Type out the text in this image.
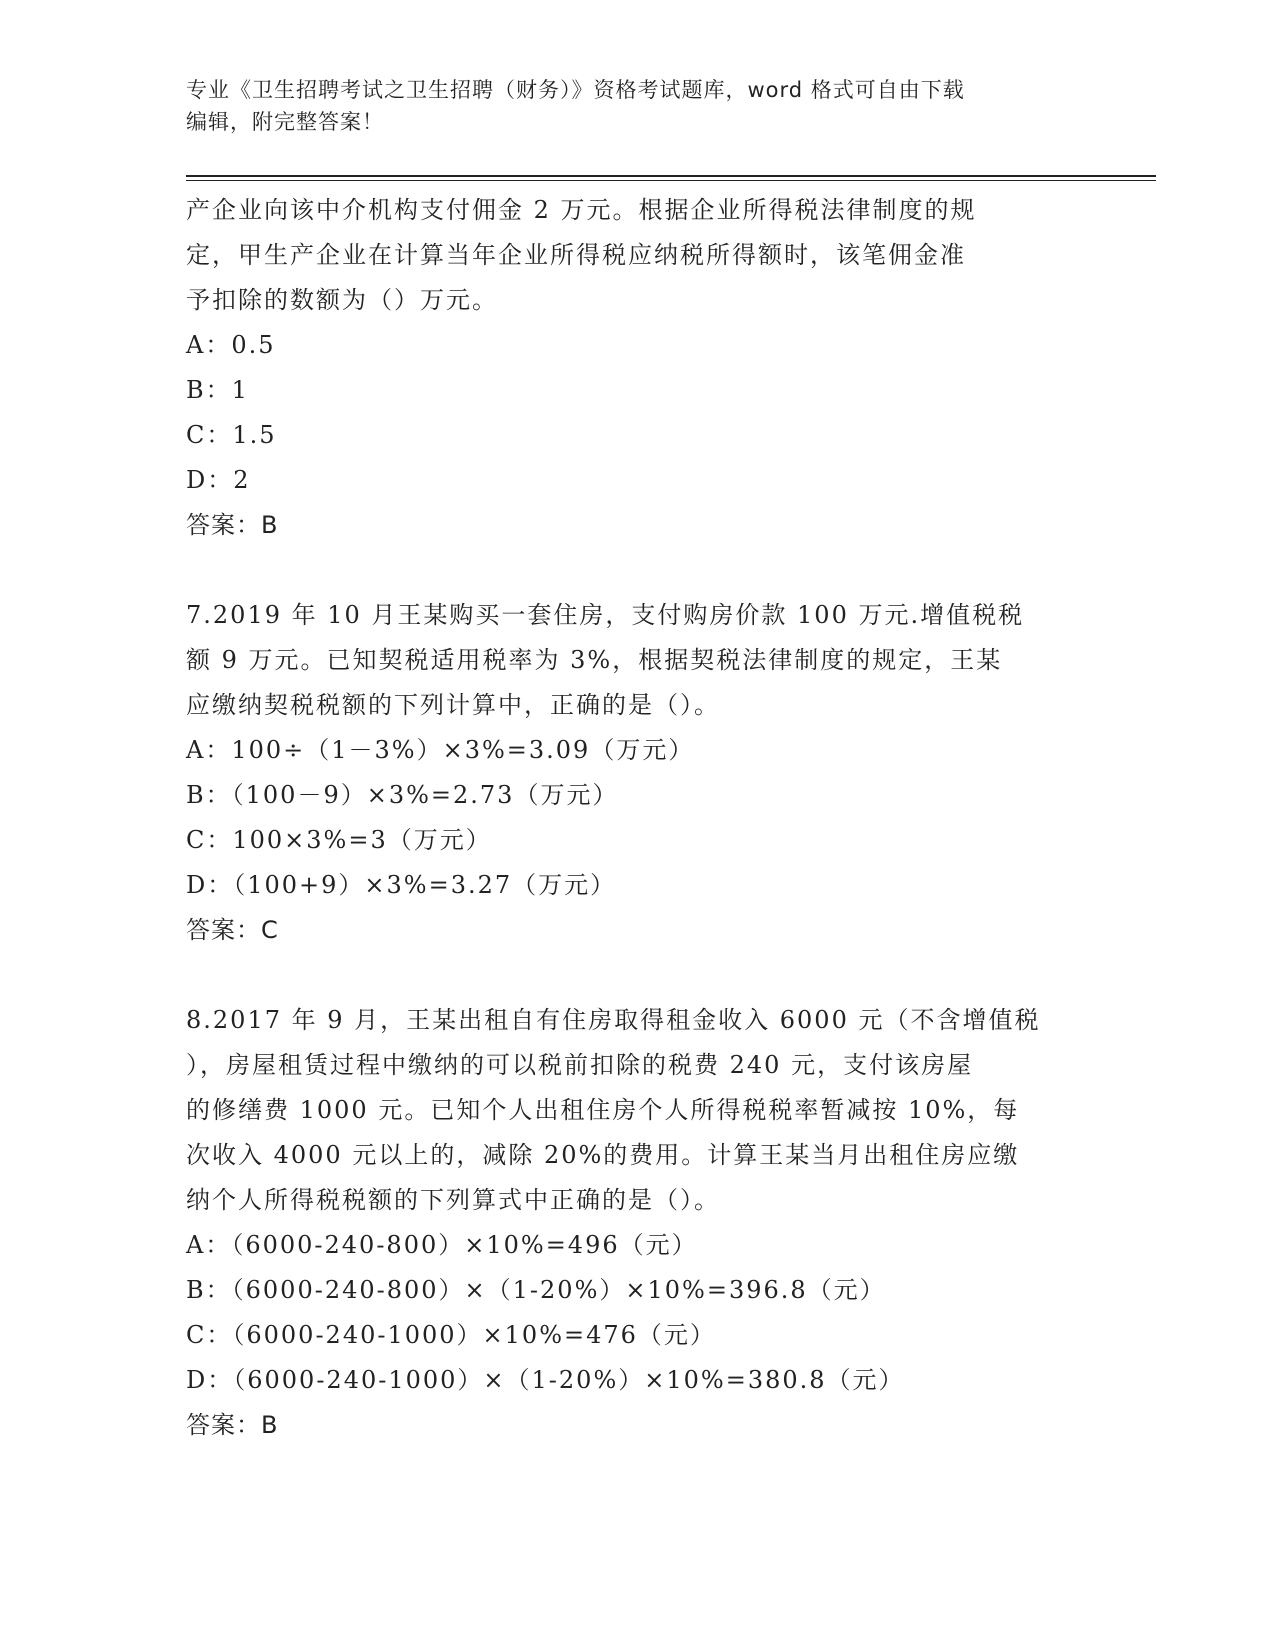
专业《卫生招聘考试之卫生招聘（财务）》资格考试题库，word 格式可自由下载
编辑，附完整答案！
产企业向该中介机构支付佣金 2 万元。根据企业所得税法律制度的规
定，甲生产企业在计算当年企业所得税应纳税所得额时，该笔佣金准
予扣除的数额为（）万元。
A：0.5
B：1
C：1.5
D：2
答案：B
7.2019 年 10 月王某购买一套住房，支付购房价款 100 万元.增值税税
额 9 万元。已知契税适用税率为 3%，根据契税法律制度的规定，王某
应缴纳契税税额的下列计算中，正确的是（）。
A：100÷（1－3%）×3%=3.09（万元）
B：（100－9）×3%=2.73（万元）
C：100×3%=3（万元）
D：（100+9）×3%=3.27（万元）
答案：C
8.2017 年 9 月，王某出租自有住房取得租金收入 6000 元（不含增值税
），房屋租赁过程中缴纳的可以税前扣除的税费 240 元，支付该房屋
的修缮费 1000 元。已知个人出租住房个人所得税税率暂减按 10%，每
次收入 4000 元以上的，减除 20%的费用。计算王某当月出租住房应缴
纳个人所得税税额的下列算式中正确的是（）。
A：（6000-240-800）×10%=496（元）
B：（6000-240-800）×（1-20%）×10%=396.8（元）
C：（6000-240-1000）×10%=476（元）
D：（6000-240-1000）×（1-20%）×10%=380.8（元）
答案：B
